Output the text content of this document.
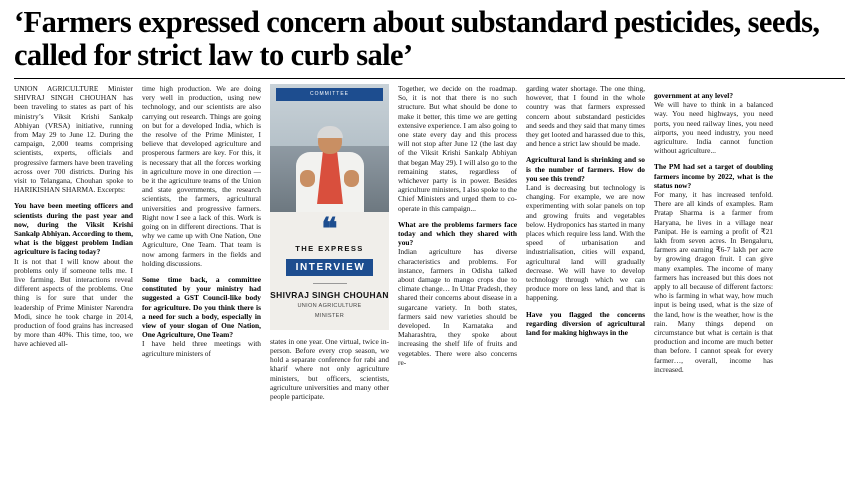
‘Farmers expressed concern about substandard pesticides, seeds, called for strict law to curb sale’

UNION AGRICULTURE Minister SHIVRAJ SINGH CHOUHAN has been traveling to states as part of his ministry’s Viksit Krishi Sankalp Abhiyan (VRSA) initiative, running from May 29 to June 12. During the campaign, 2,000 teams comprising scientists, experts, officials and progressive farmers have been traveling across over 700 districts. During his visit to Telangana, Chouhan spoke to HARIKISHAN SHARMA. Excerpts:

You have been meeting officers and scientists during the past year and now, during the Viksit Krishi Sankalp Abhiyan. According to them, what is the biggest problem Indian agriculture is facing today?

It is not that I will know about the problems only if someone tells me. I live farming. But interactions reveal different aspects of the problems. One thing is for sure that under the leadership of Prime Minister Narendra Modi, since he took charge in 2014, production of food grains has increased by more than 40%. This time, too, we have achieved all-

time high production. We are doing very well in production, using new technology, and our scientists are also carrying out research. Things are going on but for a developed India, which is the resolve of the Prime Minister, I believe that developed agriculture and prosperous farmers are key. For this, it is necessary that all the forces working in agriculture move in one direction — be it the agriculture teams of the Union and state governments, the research scientists, the farmers, agricultural universities and progressive farmers. Right now I see a lack of this. Work is going on in different directions. That is why we came up with One Nation, One Agriculture, One Team. That team is now among farmers in the fields and holding discussions.

Some time back, a committee constituted by your ministry had suggested a GST Council-like body for agriculture. Do you think there is a need for such a body, especially in view of your slogan of One Nation, One Agriculture, One Team?

I have held three meetings with agriculture ministers of

COMMITTEE
❝
THE EXPRESS
INTERVIEW
SHIVRAJ SINGH CHOUHAN
UNION AGRICULTURE
MINISTER
states in one year. One virtual, twice in-person. Before every crop season, we hold a separate conference for rabi and kharif where not only agriculture ministers, but officers, scientists, agriculture universities and many other people participate.

Together, we decide on the roadmap. So, it is not that there is no such structure. But what should be done to make it better, this time we are getting extensive experience. I am also going to one state every day and this process will not stop after June 12 (the last day of the Viksit Krishi Sankalp Abhiyan that began May 29). I will also go to the remaining states, regardless of whichever party is in power. Besides agriculture ministers, I also spoke to the Chief Ministers and urged them to co-operate in this campaign...

What are the problems farmers face today and which they shared with you?

Indian agriculture has diverse characteristics and problems. For instance, farmers in Odisha talked about damage to mango crops due to climate change… In Uttar Pradesh, they shared their concerns about disease in a sugarcane variety. In both states, farmers said new varieties should be developed. In Karnataka and Maharashtra, they spoke about increasing the shelf life of fruits and vegetables. There were also concerns re-

garding water shortage. The one thing, however, that I found in the whole country was that farmers expressed concern about substandard pesticides and seeds and they said that many times they get looted and harassed due to this, and hence a strict law should be made.

Agricultural land is shrinking and so is the number of farmers. How do you see this trend?

Land is decreasing but technology is changing. For example, we are now experimenting with solar panels on top and growing fruits and vegetables below. Hydroponics has started in many places which require less land. With the speed of urbanisation and industrialisation, cities will expand, agricultural land will gradually decrease. We will have to develop technology through which we can produce more on less land, and that is happening.

Have you flagged the concerns regarding diversion of agricultural land for making highways in the
government at any level?

We will have to think in a balanced way. You need highways, you need ports, you need railway lines, you need airports, you need industry, you need agriculture. India cannot function without agriculture...

The PM had set a target of doubling farmers income by 2022, what is the status now?

For many, it has increased tenfold. There are all kinds of examples. Ram Pratap Sharma is a farmer from Haryana, he lives in a village near Panipat. He is earning a profit of ₹21 lakh from seven acres. In Bengaluru, farmers are earning ₹6-7 lakh per acre by growing dragon fruit. I can give many examples. The income of many farmers has increased but this does not apply to all because of different factors: who is farming in what way, how much input is being used, what is the size of the land, how is the weather, how is the rain. Many things depend on circumstance but what is certain is that production and income are much better than before. I cannot speak for every farmer…, overall, income has increased.
